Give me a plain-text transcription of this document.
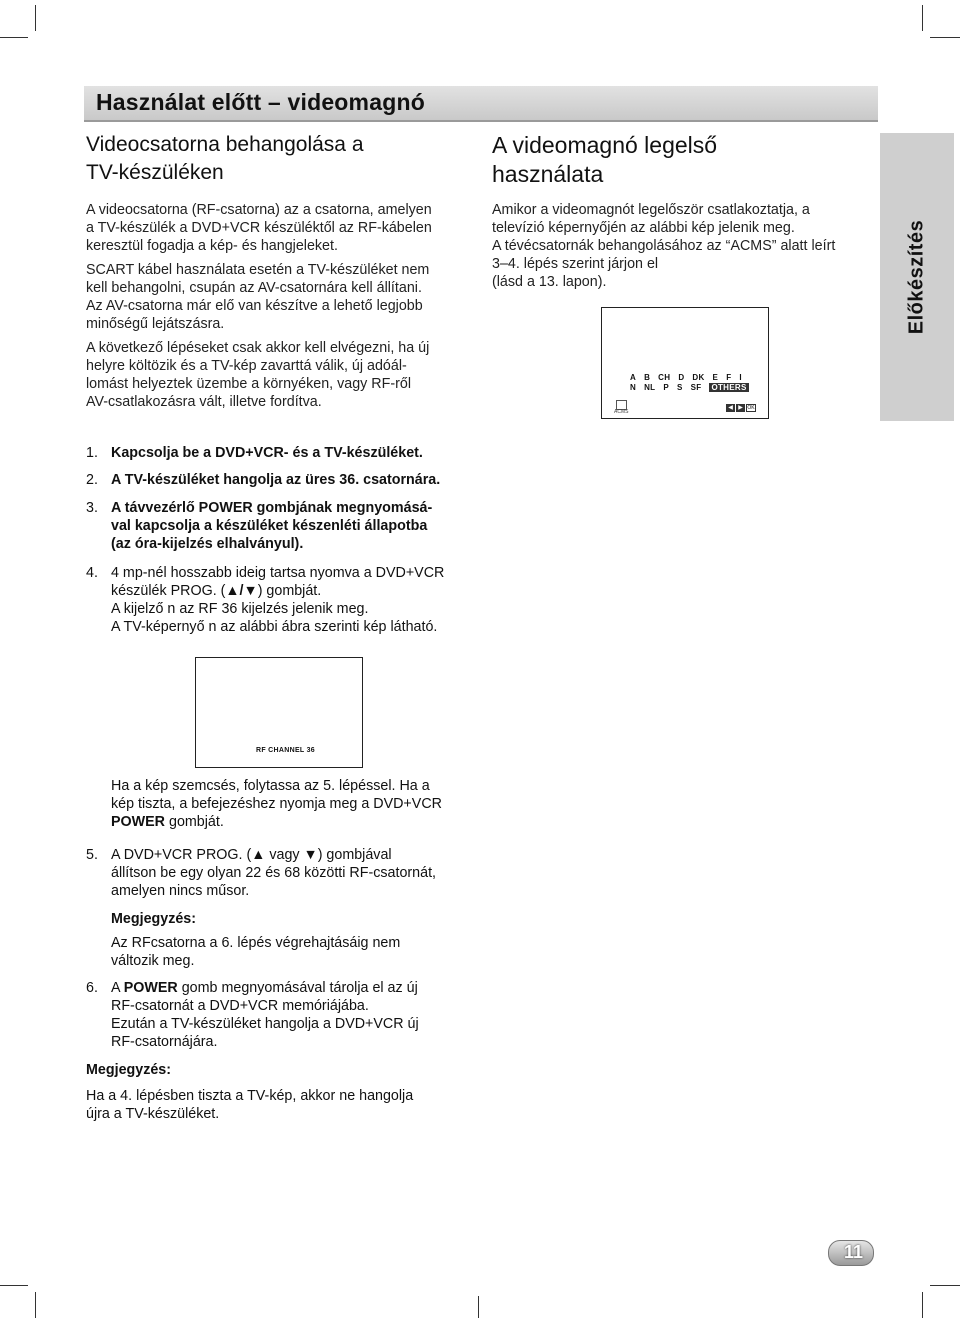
Használat előtt – videomagnó
Előkészítés
Videocsatorna behangolása a
TV-készüléken

A videocsatorna (RF-csatorna) az a csatorna, amelyen
a TV-készülék a DVD+VCR készüléktől az RF-kábelen
keresztül fogadja a kép- és hangjeleket.

SCART kábel használata esetén a TV-készüléket nem
kell behangolni, csupán az AV-csatornára kell állítani.
Az AV-csatorna már elő van készítve a lehető legjobb
minőségű lejátszásra.

A következő lépéseket csak akkor kell elvégezni, ha új
helyre költözik és a TV-kép zavarttá válik, új adóál-
lomást helyeztek üzembe a környéken, vagy RF-ről
AV-csatlakozásra vált, illetve fordítva.

A videomagnó legelső
használata
Amikor a videomagnót legelőször csatlakoztatja, a
televízió képernyőjén az alábbi kép jelenik meg.
A tévécsatornák behangolásához az “ACMS” alatt leírt
3–4. lépés szerint járjon el
(lásd a 13. lapon).
A B CH D DK E F I
N NL P S SF OTHERS
ACMS
◀ ▶ OK
1. Kapcsolja be a DVD+VCR- és a TV-készüléket.
2. A TV-készüléket hangolja az üres 36. csatornára.
3. A távvezérlő POWER gombjának megnyomásá-
val kapcsolja a készüléket készenléti állapotba
(az óra-kijelzés elhalványul).
4. 4 mp-nél hosszabb ideig tartsa nyomva a DVD+VCR
készülék PROG. (▲/▼) gombját.
A kijelző n az RF 36 kijelzés jelenik meg.
A TV-képernyő n az alábbi ábra szerinti kép látható.
RF CHANNEL 36
Ha a kép szemcsés, folytassa az 5. lépéssel. Ha a
kép tiszta, a befejezéshez nyomja meg a DVD+VCR
POWER gombját.
5. A DVD+VCR PROG. (▲ vagy ▼) gombjával
állítson be egy olyan 22 és 68 közötti RF-csatornát,
amelyen nincs műsor.
Megjegyzés:
Az RFcsatorna a 6. lépés végrehajtásáig nem
változik meg.
6. A POWER gomb megnyomásával tárolja el az új
RF-csatornát a DVD+VCR memóriájába.
Ezután a TV-készüléket hangolja a DVD+VCR új
RF-csatornájára.
Megjegyzés:
Ha a 4. lépésben tiszta a TV-kép, akkor ne hangolja
újra a TV-készüléket.
11
